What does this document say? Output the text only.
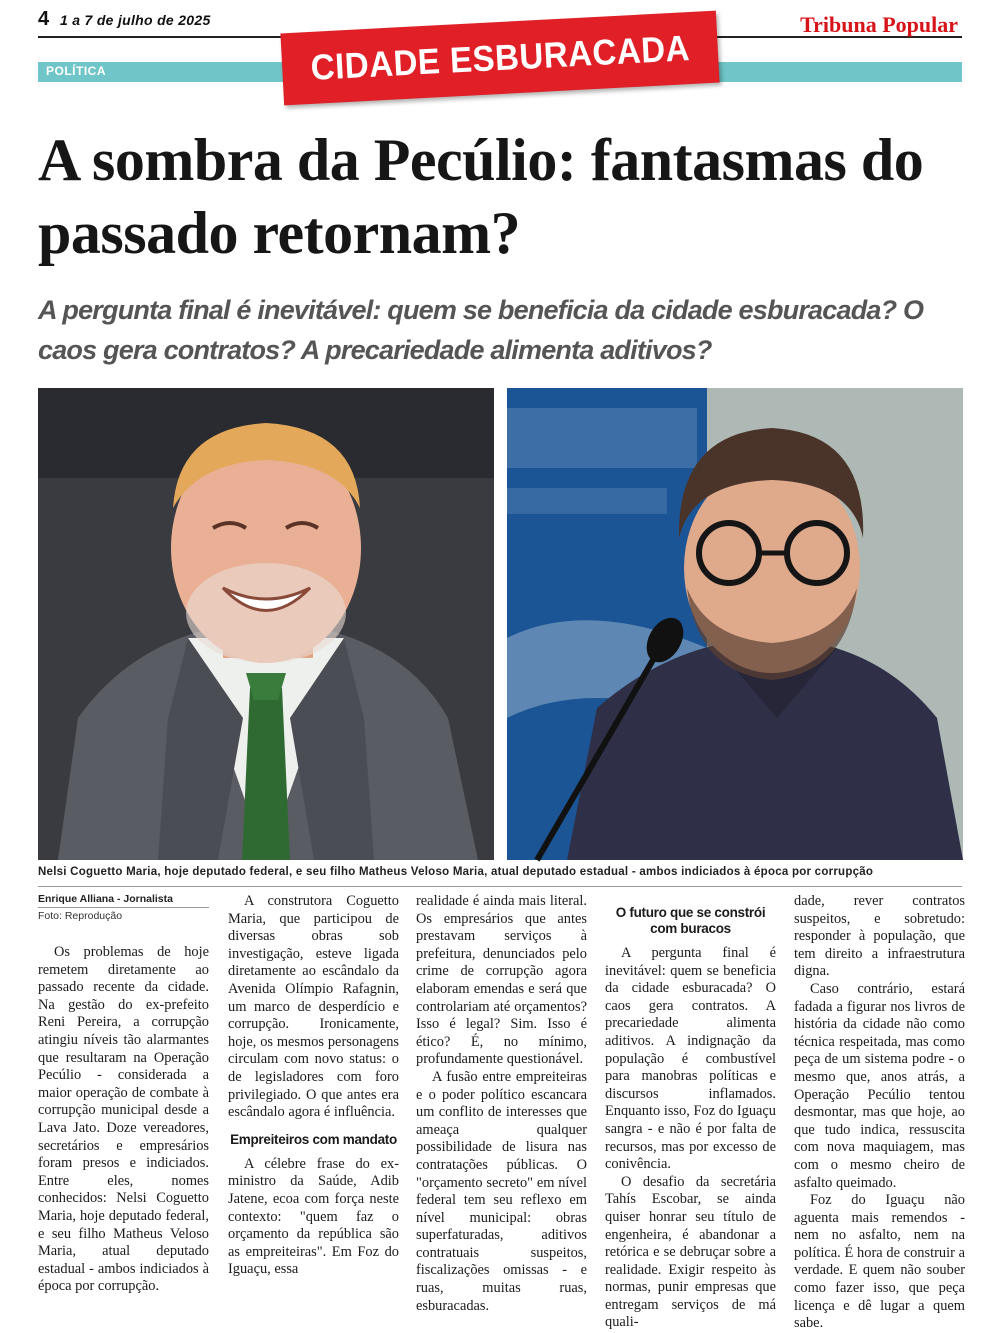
4 1 a 7 de julho de 2025	Tribuna Popular
POLÍTICA	CIDADE ESBURACADA
A sombra da Pecúlio: fantasmas do passado retornam?
A pergunta final é inevitável: quem se beneficia da cidade esburacada? O caos gera contratos? A precariedade alimenta aditivos?
Nelsi Coguetto Maria, hoje deputado federal, e seu filho Matheus Veloso Maria, atual deputado estadual - ambos indiciados à época por corrupção
Enrique Alliana - Jornalista
Foto: Reprodução

Os problemas de hoje remetem diretamente ao passado recente da cidade. Na gestão do ex-prefeito Reni Pereira, a corrupção atingiu níveis tão alarmantes que resultaram na Operação Pecúlio - considerada a maior operação de combate à corrupção municipal desde a Lava Jato. Doze vereadores, secretários e empresários foram presos e indiciados. Entre eles, nomes conhecidos: Nelsi Coguetto Maria, hoje deputado federal, e seu filho Matheus Veloso Maria, atual deputado estadual - ambos indiciados à época por corrupção.

A construtora Coguetto Maria, que participou de diversas obras sob investigação, esteve ligada diretamente ao escândalo da Avenida Olímpio Rafagnin, um marco de desperdício e corrupção. Ironicamente, hoje, os mesmos personagens circulam com novo status: o de legisladores com foro privilegiado. O que antes era escândalo agora é influência.

Empreiteiros com mandato

A célebre frase do ex-ministro da Saúde, Adib Jatene, ecoa com força neste contexto: "quem faz o orçamento da república são as empreiteiras". Em Foz do Iguaçu, essa

realidade é ainda mais literal. Os empresários que antes prestavam serviços à prefeitura, denunciados pelo crime de corrupção agora elaboram emendas e será que controlariam até orçamentos? Isso é legal? Sim. Isso é ético? É, no mínimo, profundamente questionável.

A fusão entre empreiteiras e o poder político escancara um conflito de interesses que ameaça qualquer possibilidade de lisura nas contratações públicas. O "orçamento secreto" em nível federal tem seu reflexo em nível municipal: obras superfaturadas, aditivos contratuais suspeitos, fiscalizações omissas - e ruas, muitas ruas, esburacadas.

O futuro que se constrói com buracos

A pergunta final é inevitável: quem se beneficia da cidade esburacada? O caos gera contratos. A precariedade alimenta aditivos. A indignação da população é combustível para manobras políticas e discursos inflamados. Enquanto isso, Foz do Iguaçu sangra - e não é por falta de recursos, mas por excesso de conivência.

O desafio da secretária Tahís Escobar, se ainda quiser honrar seu título de engenheira, é abandonar a retórica e se debruçar sobre a realidade. Exigir respeito às normas, punir empresas que entregam serviços de má quali-

dade, rever contratos suspeitos, e sobretudo: responder à população, que tem direito a infraestrutura digna.

Caso contrário, estará fadada a figurar nos livros de história da cidade não como técnica respeitada, mas como peça de um sistema podre - o mesmo que, anos atrás, a Operação Pecúlio tentou desmontar, mas que hoje, ao que tudo indica, ressuscita com nova maquiagem, mas com o mesmo cheiro de asfalto queimado.

Foz do Iguaçu não aguenta mais remendos - nem no asfalto, nem na política. É hora de construir a verdade. E quem não souber como fazer isso, que peça licença e dê lugar a quem sabe.
